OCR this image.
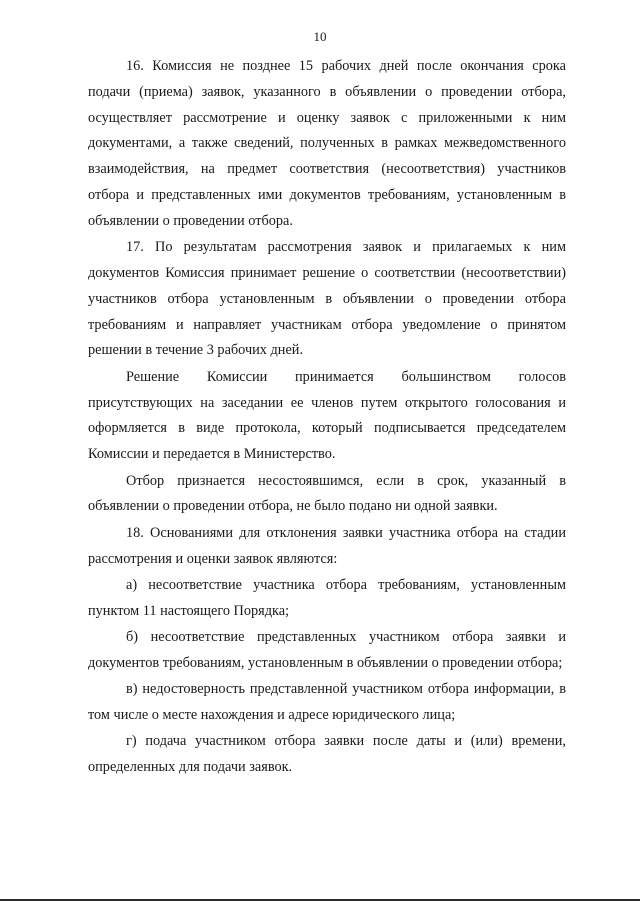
10

16. Комиссия не позднее 15 рабочих дней после окончания срока подачи (приема) заявок, указанного в объявлении о проведении отбора, осуществляет рассмотрение и оценку заявок с приложенными к ним документами, а также сведений, полученных в рамках межведомственного взаимодействия, на предмет соответствия (несоответствия) участников отбора и представленных ими документов требованиям, установленным в объявлении о проведении отбора.

17. По результатам рассмотрения заявок и прилагаемых к ним документов Комиссия принимает решение о соответствии (несоответствии) участников отбора установленным в объявлении о проведении отбора требованиям и направляет участникам отбора уведомление о принятом решении в течение 3 рабочих дней.

Решение Комиссии принимается большинством голосов присутствующих на заседании ее членов путем открытого голосования и оформляется в виде протокола, который подписывается председателем Комиссии и передается в Министерство.

Отбор признается несостоявшимся, если в срок, указанный в объявлении о проведении отбора, не было подано ни одной заявки.

18. Основаниями для отклонения заявки участника отбора на стадии рассмотрения и оценки заявок являются:

а) несоответствие участника отбора требованиям, установленным пунктом 11 настоящего Порядка;

б) несоответствие представленных участником отбора заявки и документов требованиям, установленным в объявлении о проведении отбора;

в) недостоверность представленной участником отбора информации, в том числе о месте нахождения и адресе юридического лица;

г) подача участником отбора заявки после даты и (или) времени, определенных для подачи заявок.
